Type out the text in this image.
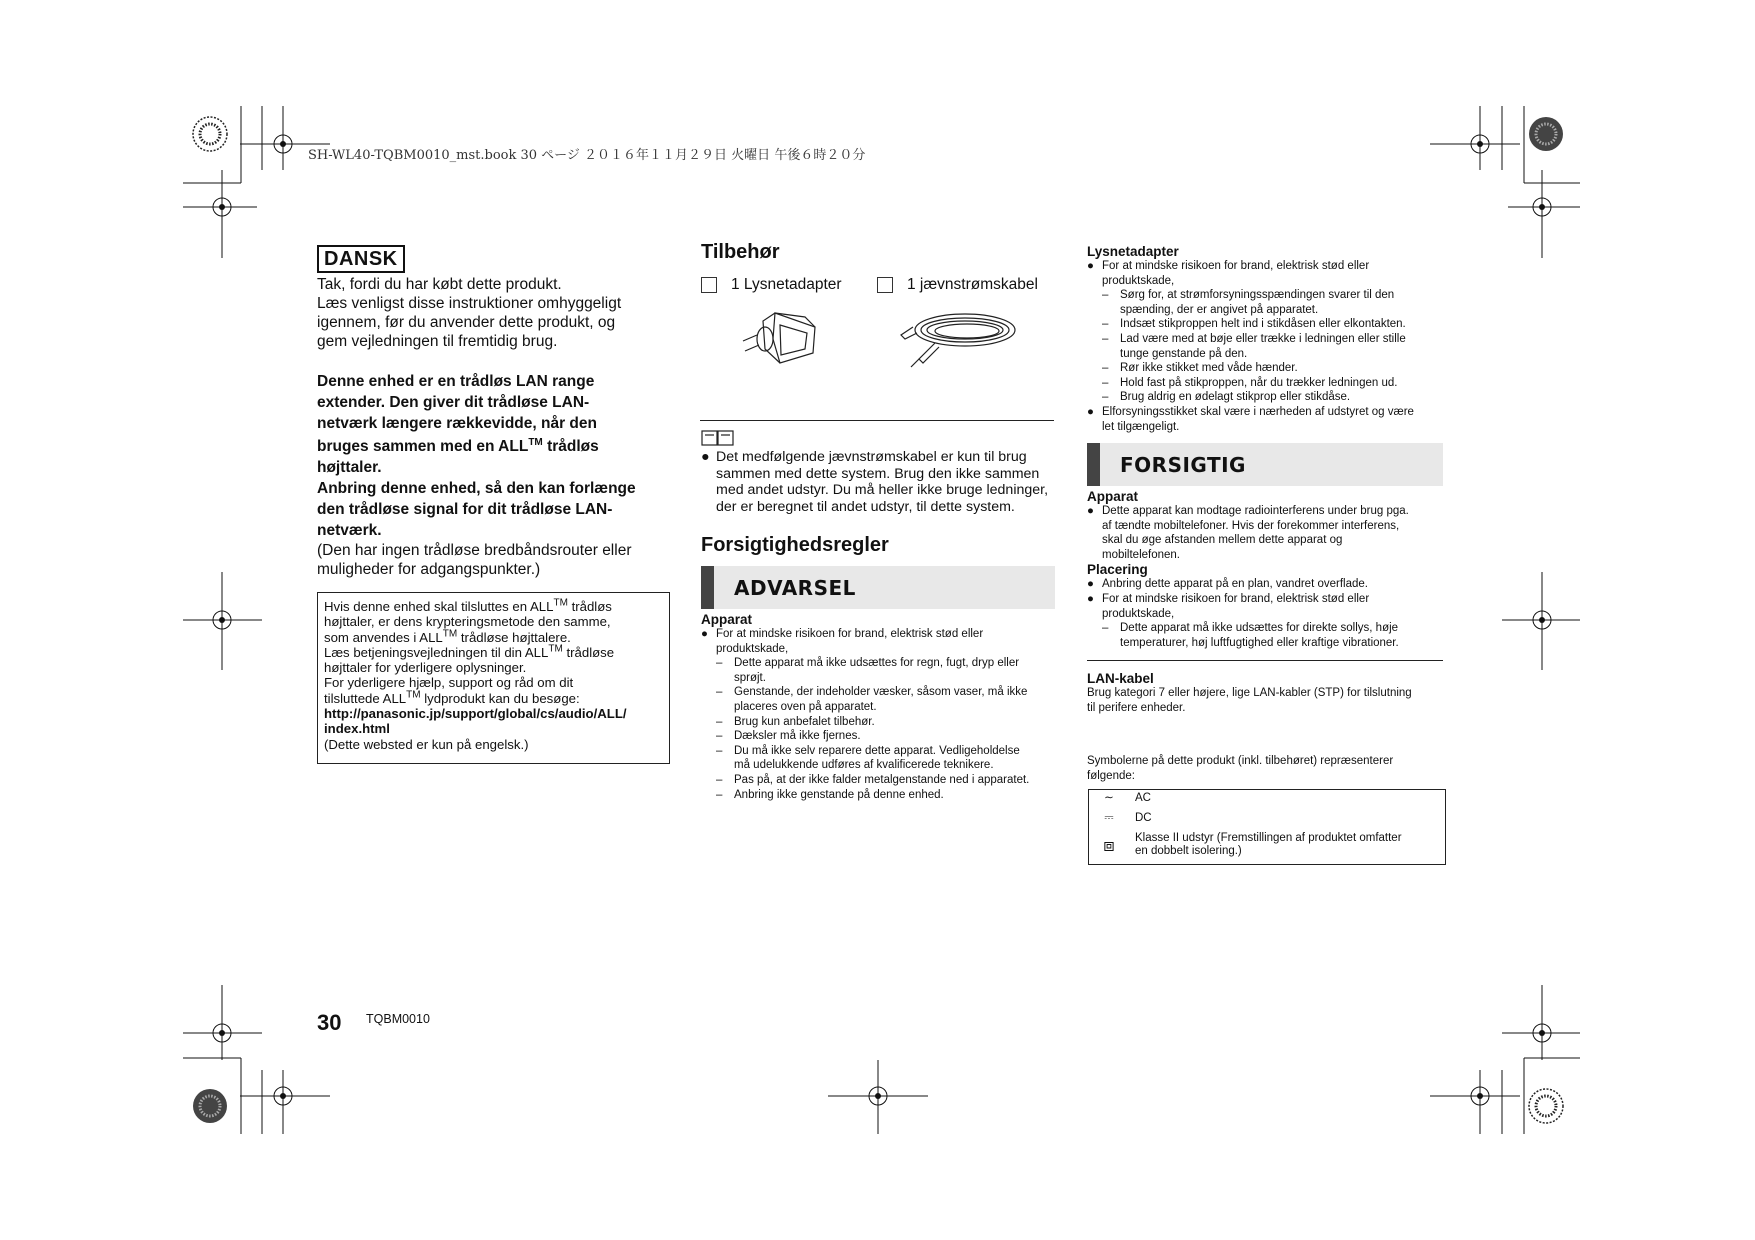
SH-WL40-TQBM0010_mst.book 30 ページ ２０１６年１１月２９日 火曜日 午後６時２０分
DANSK
Tak, fordi du har købt dette produkt.
Læs venligst disse instruktioner omhyggeligt
igennem, før du anvender dette produkt, og
gem vejledningen til fremtidig brug.
Denne enhed er en trådløs LAN range
extender. Den giver dit trådløse LAN-
netværk længere rækkevidde, når den
bruges sammen med en ALL™ trådløs
højttaler.
Anbring denne enhed, så den kan forlænge
den trådløse signal for dit trådløse LAN-
netværk.
(Den har ingen trådløse bredbåndsrouter eller
muligheder for adgangspunkter.)
Hvis denne enhed skal tilsluttes en ALL™ trådløs
højttaler, er dens krypteringsmetode den samme,
som anvendes i ALL™ trådløse højttalere.
Læs betjeningsvejledningen til din ALL™ trådløse
højttaler for yderligere oplysninger.
For yderligere hjælp, support og råd om dit
tilsluttede ALL™ lydprodukt kan du besøge:
http://panasonic.jp/support/global/cs/audio/ALL/
index.html
(Dette websted er kun på engelsk.)
Tilbehør
1 Lysnetadapter	1 jævnstrømskabel
● Det medfølgende jævnstrømskabel er kun til brug
sammen med dette system. Brug den ikke sammen
med andet udstyr. Du må heller ikke bruge ledninger,
der er beregnet til andet udstyr, til dette system.
Forsigtighedsregler
ADVARSEL
Apparat
● For at mindske risikoen for brand, elektrisk stød eller
produktskade,
– Dette apparat må ikke udsættes for regn, fugt, dryp eller
sprøjt.
– Genstande, der indeholder væsker, såsom vaser, må ikke
placeres oven på apparatet.
– Brug kun anbefalet tilbehør.
– Dæksler må ikke fjernes.
– Du må ikke selv reparere dette apparat. Vedligeholdelse
må udelukkende udføres af kvalificerede teknikere.
– Pas på, at der ikke falder metalgenstande ned i apparatet.
– Anbring ikke genstande på denne enhed.
Lysnetadapter
● For at mindske risikoen for brand, elektrisk stød eller
produktskade,
– Sørg for, at strømforsyningsspændingen svarer til den
spænding, der er angivet på apparatet.
– Indsæt stikproppen helt ind i stikdåsen eller elkontakten.
– Lad være med at bøje eller trække i ledningen eller stille
tunge genstande på den.
– Rør ikke stikket med våde hænder.
– Hold fast på stikproppen, når du trækker ledningen ud.
– Brug aldrig en ødelagt stikprop eller stikdåse.
● Elforsyningsstikket skal være i nærheden af udstyret og være
let tilgængeligt.
FORSIGTIG
Apparat
● Dette apparat kan modtage radiointerferens under brug pga.
af tændte mobiltelefoner. Hvis der forekommer interferens,
skal du øge afstanden mellem dette apparat og
mobiltelefonen.
Placering
● Anbring dette apparat på en plan, vandret overflade.
● For at mindske risikoen for brand, elektrisk stød eller
produktskade,
– Dette apparat må ikke udsættes for direkte sollys, høje
temperaturer, høj luftfugtighed eller kraftige vibrationer.
LAN-kabel
Brug kategori 7 eller højere, lige LAN-kabler (STP) for tilslutning
til perifere enheder.
Symbolerne på dette produkt (inkl. tilbehøret) repræsenterer
følgende:
∼	AC
⎓	DC
⧈	Klasse II udstyr (Fremstillingen af produktet omfatter
en dobbelt isolering.)
30 TQBM0010
